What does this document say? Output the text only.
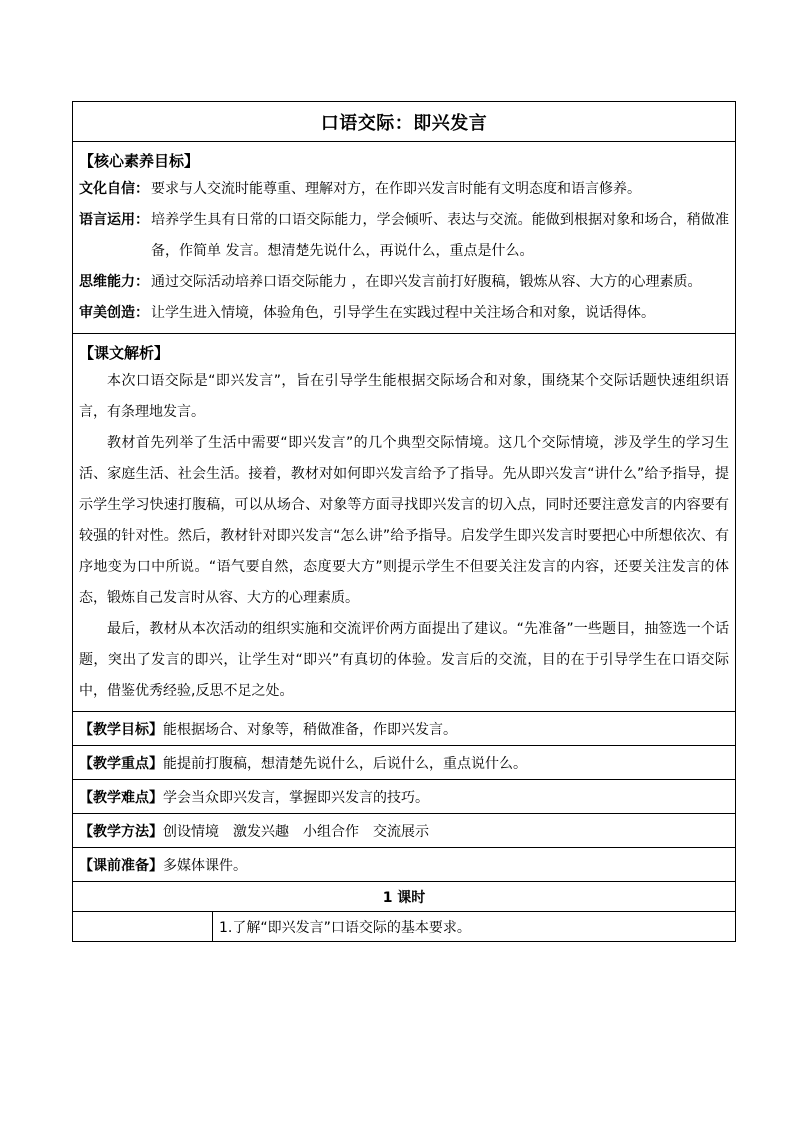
口语交际：即兴发言
【核心素养目标】
文化自信： 要求与人交流时能尊重、理解对方，在作即兴发言时能有文明态度和语言修养。
语言运用： 培养学生具有日常的口语交际能力，学会倾听、表达与交流。能做到根据对象和场合，稍做准备，作简单 发言。想清楚先说什么，再说什么，重点是什么。
思维能力： 通过交际活动培养口语交际能力 ，在即兴发言前打好腹稿，锻炼从容、大方的心理素质。
审美创造： 让学生进入情境，体验角色，引导学生在实践过程中关注场合和对象，说话得体。
【课文解析】

本次口语交际是“即兴发言”，旨在引导学生能根据交际场合和对象，围绕某个交际话题快速组织语言，有条理地发言。

教材首先列举了生活中需要“即兴发言”的几个典型交际情境。这几个交际情境，涉及学生的学习生活、家庭生活、社会生活。接着，教材对如何即兴发言给予了指导。先从即兴发言“讲什么”给予指导，提示学生学习快速打腹稿，可以从场合、对象等方面寻找即兴发言的切入点，同时还要注意发言的内容要有较强的针对性。然后，教材针对即兴发言“怎么讲”给予指导。启发学生即兴发言时要把心中所想依次、有序地变为口中所说。“语气要自然，态度要大方”则提示学生不但要关注发言的内容，还要关注发言的体态，锻炼自己发言时从容、大方的心理素质。

最后，教材从本次活动的组织实施和交流评价两方面提出了建议。“先准备”一些题目，抽签选一个话题，突出了发言的即兴，让学生对“即兴”有真切的体验。发言后的交流，目的在于引导学生在口语交际中，借鉴优秀经验,反思不足之处。

【教学目标】 能根据场合、对象等，稍做准备，作即兴发言。
【教学重点】 能提前打腹稿，想清楚先说什么，后说什么，重点说什么。
【教学难点】 学会当众即兴发言，掌握即兴发言的技巧。
【教学方法】 创设情境　激发兴趣　小组合作　交流展示
【课前准备】 多媒体课件。
1 课时
1.了解“即兴发言”口语交际的基本要求。
